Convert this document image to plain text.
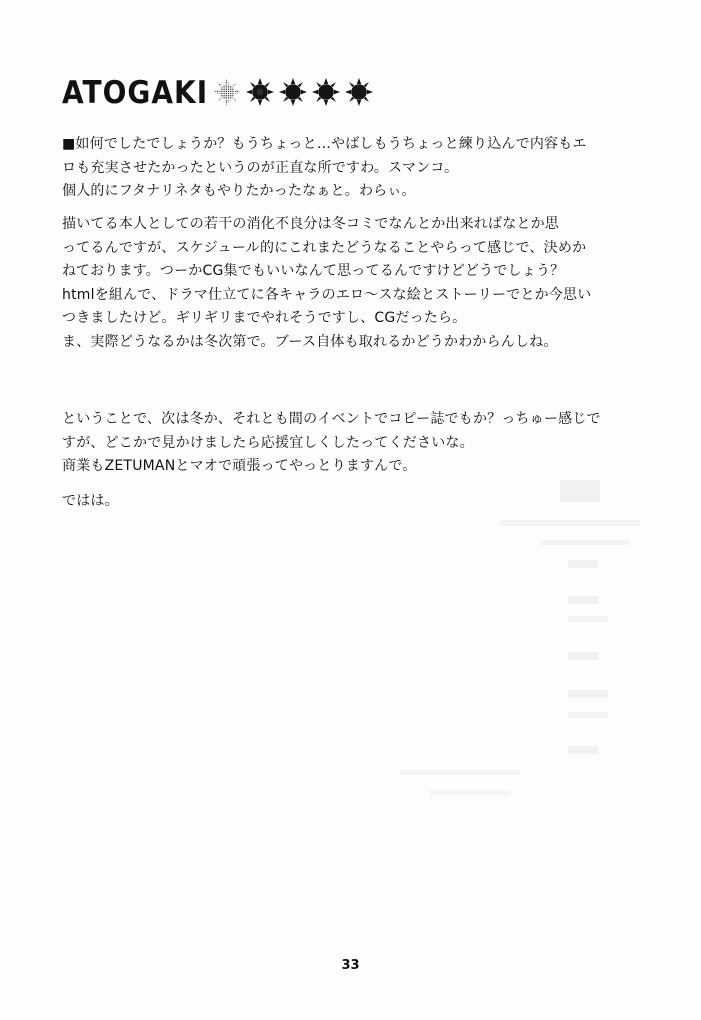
ATOGAKI

■如何でしたでしょうか？もうちょっと…やばしもうちょっと練り込んで内容もエ

ロも充実させたかったというのが正直な所ですわ。スマンコ。

個人的にフタナリネタもやりたかったなぁと。わらぃ。

描いてる本人としての若干の消化不良分は冬コミでなんとか出来ればなとか思

ってるんですが、スケジュール的にこれまたどうなることやらって感じで、決めか

ねております。つーかCG集でもいいなんて思ってるんですけどどうでしょう？

htmlを組んで、ドラマ仕立てに各キャラのエロ〜スな絵とストーリーでとか今思い

つきましたけど。ギリギリまでやれそうですし、CGだったら。

ま、実際どうなるかは冬次第で。ブース自体も取れるかどうかわからんしね。

ということで、次は冬か、それとも間のイベントでコピー誌でもか？っちゅー感じで

すが、どこかで見かけましたら応援宜しくしたってくださいな。

商業もZETUMANとマオで頑張ってやっとりますんで。

ではは。

33
